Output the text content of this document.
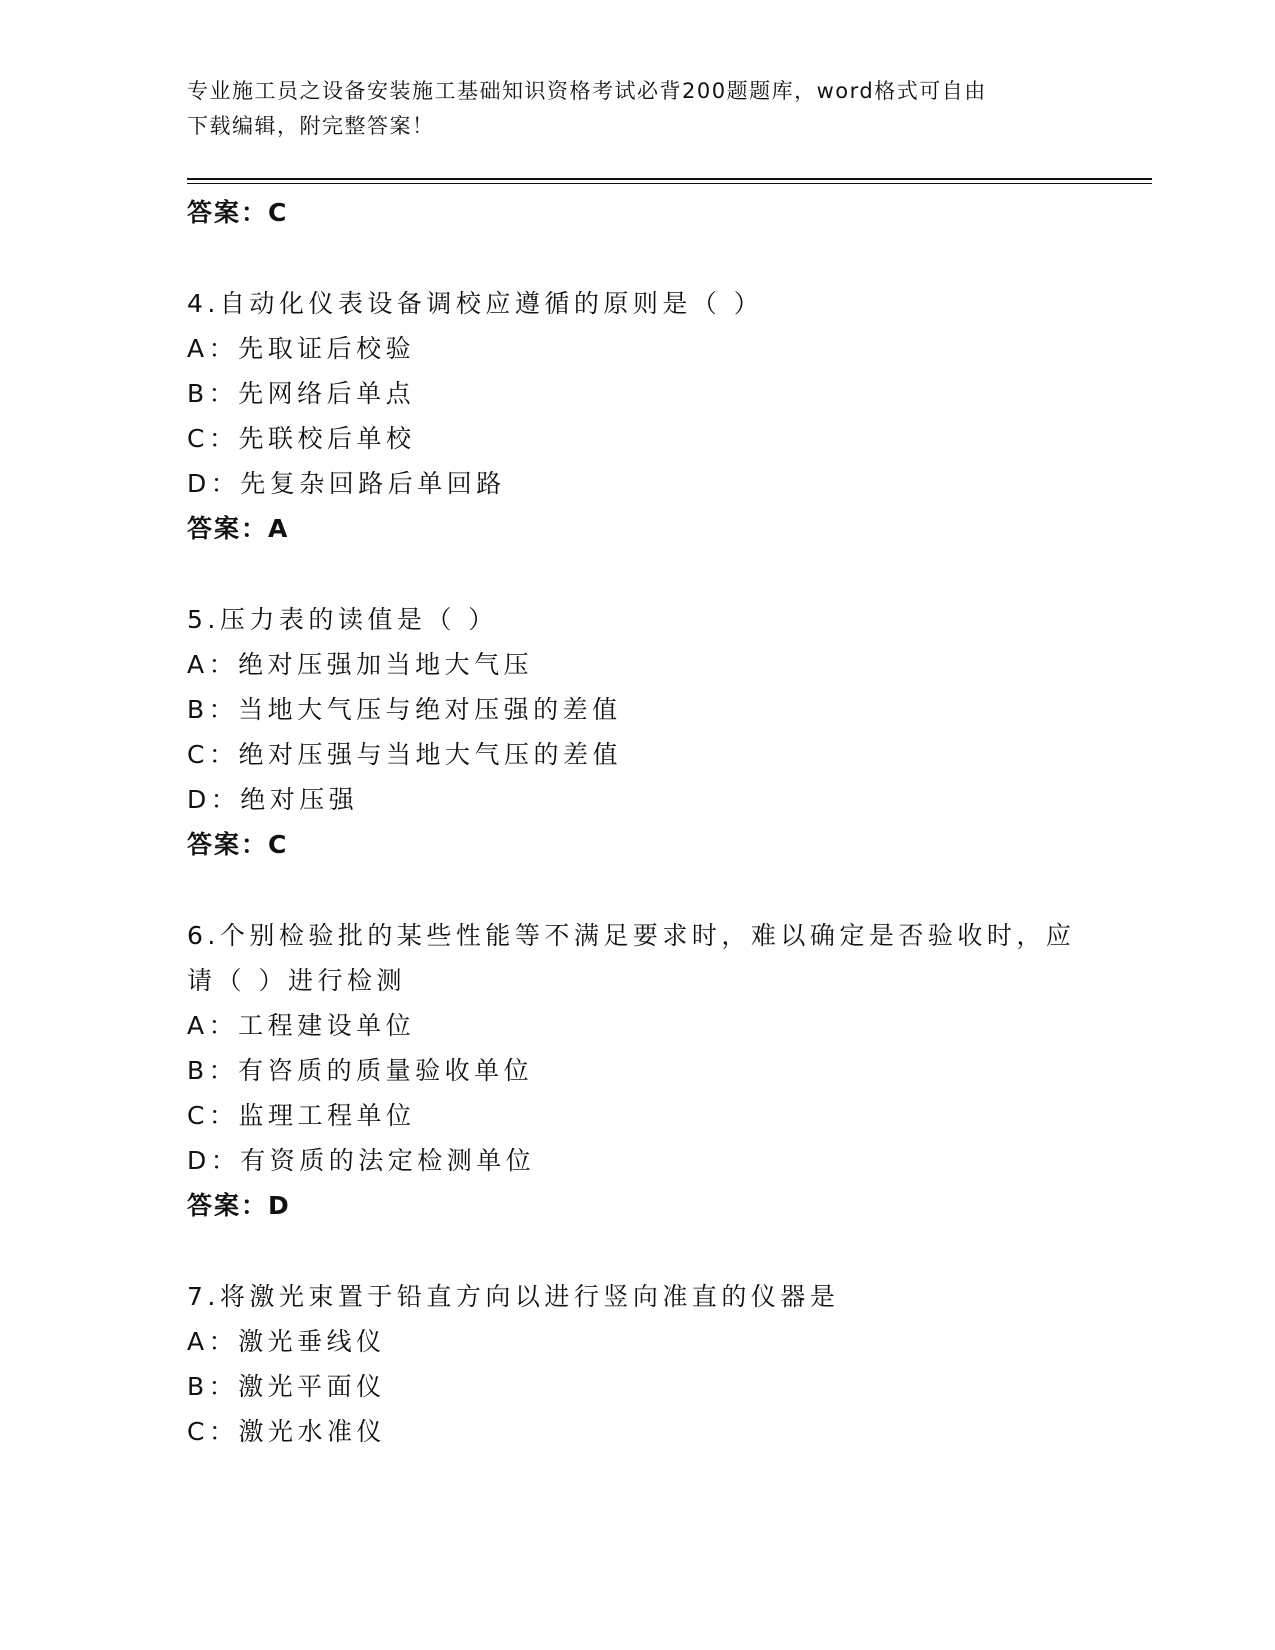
专业施工员之设备安装施工基础知识资格考试必背200题题库，word格式可自由
下载编辑，附完整答案！
答案：C
4.自动化仪表设备调校应遵循的原则是（ ）
A：先取证后校验
B：先网络后单点
C：先联校后单校
D：先复杂回路后单回路
答案：A
5.压力表的读值是（ ）
A：绝对压强加当地大气压
B：当地大气压与绝对压强的差值
C：绝对压强与当地大气压的差值
D：绝对压强
答案：C
6.个别检验批的某些性能等不满足要求时，难以确定是否验收时，应
请（ ）进行检测
A：工程建设单位
B：有咨质的质量验收单位
C：监理工程单位
D：有资质的法定检测单位
答案：D
7.将激光束置于铅直方向以进行竖向准直的仪器是
A：激光垂线仪
B：激光平面仪
C：激光水准仪
